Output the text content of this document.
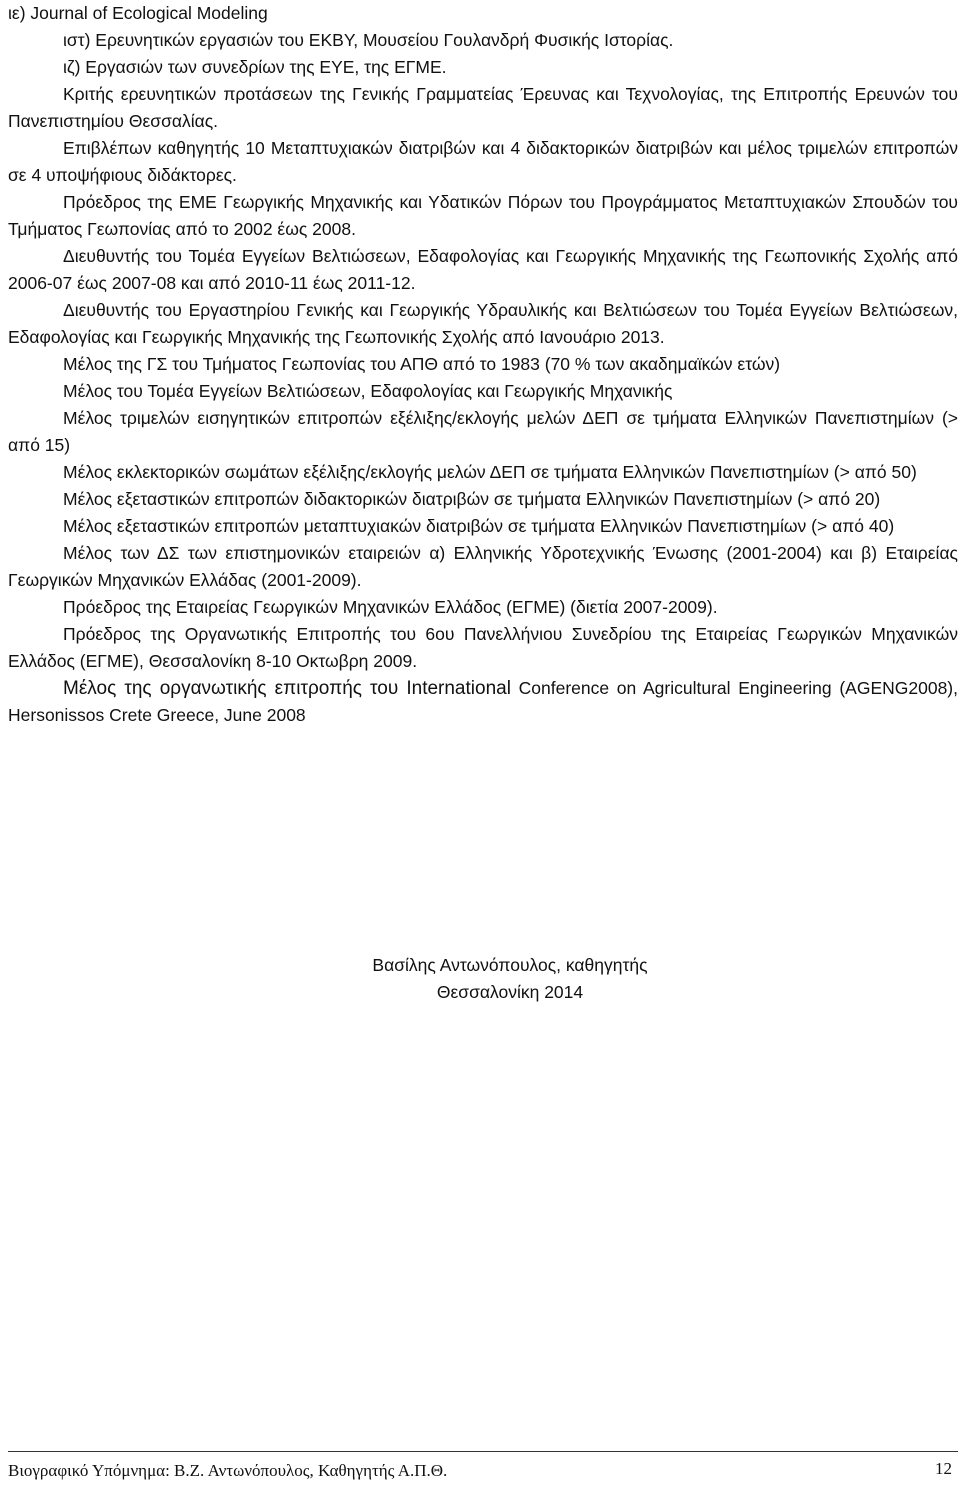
ιε) Journal of Ecological Modeling

ιστ) Ερευνητικών εργασιών του ΕΚΒΥ, Μουσείου Γουλανδρή Φυσικής Ιστορίας.

ιζ) Εργασιών των συνεδρίων της ΕΥΕ, της ΕΓΜΕ.

Κριτής ερευνητικών προτάσεων της Γενικής Γραμματείας Έρευνας και Τεχνολογίας, της Επιτροπής Ερευνών του Πανεπιστημίου Θεσσαλίας.

Επιβλέπων καθηγητής 10 Μεταπτυχιακών διατριβών και 4 διδακτορικών διατριβών και μέλος τριμελών επιτροπών σε 4 υποψήφιους διδάκτορες.

Πρόεδρος της ΕΜΕ Γεωργικής Μηχανικής και Υδατικών Πόρων του Προγράμματος Μεταπτυχιακών Σπουδών του Τμήματος Γεωπονίας από το 2002 έως 2008.

Διευθυντής του Τομέα Εγγείων Βελτιώσεων, Εδαφολογίας και Γεωργικής Μηχανικής της Γεωπονικής Σχολής από 2006-07 έως 2007-08 και από 2010-11 έως 2011-12.

Διευθυντής του Εργαστηρίου Γενικής και Γεωργικής Υδραυλικής και Βελτιώσεων του Τομέα Εγγείων Βελτιώσεων, Εδαφολογίας και Γεωργικής Μηχανικής της Γεωπονικής Σχολής από Ιανουάριο 2013.

Μέλος της ΓΣ του Τμήματος Γεωπονίας του ΑΠΘ από το 1983 (70 % των ακαδημαϊκών ετών)

Μέλος του Τομέα Εγγείων Βελτιώσεων, Εδαφολογίας και Γεωργικής Μηχανικής

Μέλος τριμελών εισηγητικών επιτροπών εξέλιξης/εκλογής μελών ΔΕΠ σε τμήματα Ελληνικών Πανεπιστημίων (> από 15)

Μέλος εκλεκτορικών σωμάτων εξέλιξης/εκλογής μελών ΔΕΠ σε τμήματα Ελληνικών Πανεπιστημίων (> από 50)

Μέλος εξεταστικών επιτροπών διδακτορικών διατριβών σε τμήματα Ελληνικών Πανεπιστημίων (> από 20)

Μέλος εξεταστικών επιτροπών μεταπτυχιακών διατριβών σε τμήματα Ελληνικών Πανεπιστημίων (> από 40)

Μέλος των ΔΣ των επιστημονικών εταιρειών α) Ελληνικής Υδροτεχνικής Ένωσης (2001-2004) και β) Εταιρείας Γεωργικών Μηχανικών Ελλάδας (2001-2009).

Πρόεδρος της Εταιρείας Γεωργικών Μηχανικών Ελλάδος (ΕΓΜΕ) (διετία 2007-2009).

Πρόεδρος της Οργανωτικής Επιτροπής του 6ου Πανελλήνιου Συνεδρίου της Εταιρείας Γεωργικών Μηχανικών Ελλάδος (ΕΓΜΕ), Θεσσαλονίκη 8-10 Οκτωβρη 2009.

Μέλος της οργανωτικής επιτροπής του International Conference on Agricultural Engineering (AGENG2008), Hersonissos Crete Greece, June 2008

Βασίλης Αντωνόπουλος, καθηγητής
Θεσσαλονίκη 2014
Βιογραφικό Υπόμνημα: Β.Ζ. Αντωνόπουλος, Καθηγητής Α.Π.Θ.	12
